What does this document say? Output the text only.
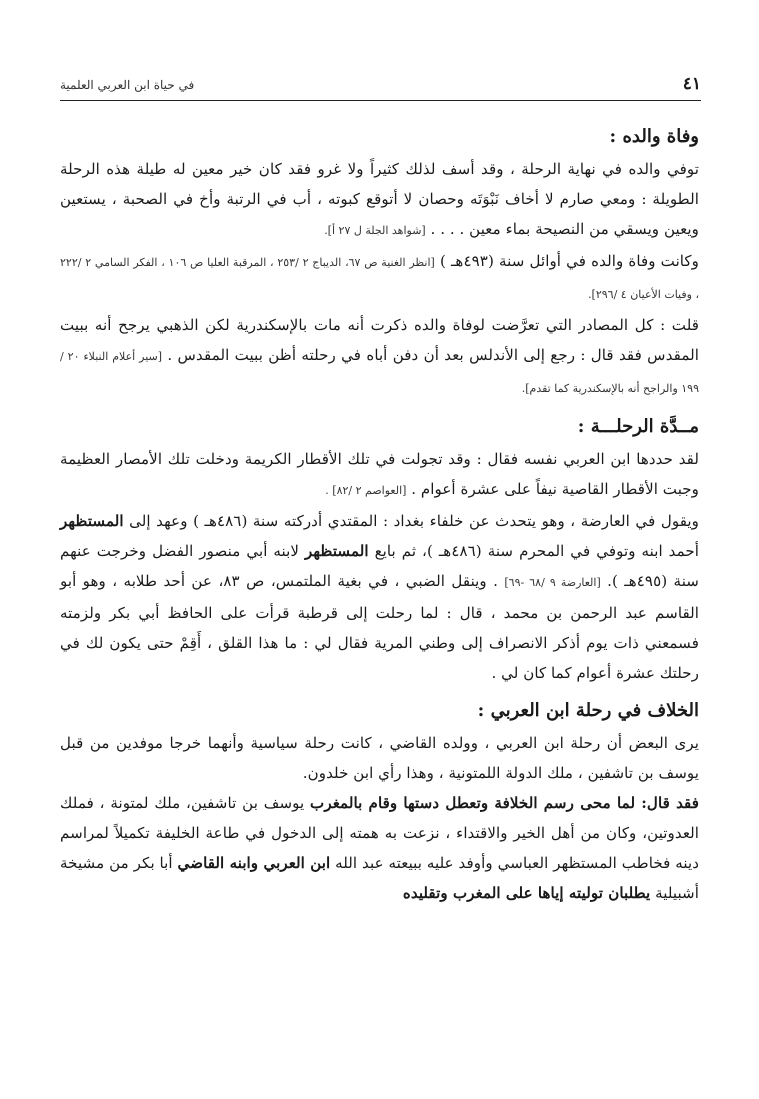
٤١
في حياة ابن العربي العلمية
وفاة والده :

توفي والده في نهاية الرحلة ، وقد أسف لذلك كثيراً ولا غرو فقد كان خير معين له طيلة هذه الرحلة الطويلة : ومعي صارم لا أخاف نَبْوَتَه وحصان لا أتوقع كبوته ، أب في الرتبة وأخ في الصحبة ، يستعين ويعين ويسقي من النصيحة بماء معين . . . . [شواهد الجلة ل ٢٧ أ].

وكانت وفاة والده في أوائل سنة (٤٩٣هـ ) [انظر الغنية ص ٦٧، الديباج ٢ /٢٥٣ ، المرقبة العليا ص ١٠٦ ، الفكر السامي ٢ /٢٢٢ ، وفيات الأعيان ٤ /٢٩٦].

قلت : كل المصادر التي تعرَّضت لوفاة والده ذكرت أنه مات بالإسكندرية لكن الذهبي يرجح أنه ببيت المقدس فقد قال : رجع إلى الأندلس بعد أن دفن أباه في رحلته أظن ببيت المقدس . [سير أعلام النبلاء ٢٠ /١٩٩ والراجح أنه بالإسكندرية كما تقدم].

مــدَّة الرحلـــة :

لقد حددها ابن العربي نفسه فقال : وقد تجولت في تلك الأقطار الكريمة ودخلت تلك الأمصار العظيمة وجبت الأقطار القاصية نيفاً على عشرة أعوام . [العواصم ٢ /٨٢] .

ويقول في العارضة ، وهو يتحدث عن خلفاء بغداد : المقتدي أدركته سنة (٤٨٦هـ ) وعهد إلى المستظهر أحمد ابنه وتوفي في المحرم سنة (٤٨٦هـ )، ثم بايع المستظهر لابنه أبي منصور الفضل وخرجت عنهم سنة (٤٩٥هـ ). [العارضة ٩ /٦٨ -٦٩] . وينقل الضبي ، في بغية الملتمس، ص ٨٣، عن أحد طلابه ، وهو أبو القاسم عبد الرحمن بن محمد ، قال : لما رحلت إلى قرطبة قرأت على الحافظ أبي بكر ولزمته فسمعني ذات يوم أذكر الانصراف إلى وطني المرية فقال لي : ما هذا القلق ، أَقِمْ حتى يكون لك في رحلتك عشرة أعوام كما كان لي .

الخلاف في رحلة ابن العربي :

يرى البعض أن رحلة ابن العربي ، وولده القاضي ، كانت رحلة سياسية وأنهما خرجا موفدين من قبل يوسف بن تاشفين ، ملك الدولة اللمتونية ، وهذا رأي ابن خلدون.

فقد قال: لما محى رسم الخلافة وتعطل دستها وقام بالمغرب يوسف بن تاشفين، ملك لمتونة ، فملك العدوتين، وكان من أهل الخير والاقتداء ، نزعت به همته إلى الدخول في طاعة الخليفة تكميلاً لمراسم دينه فخاطب المستظهر العباسي وأوفد عليه ببيعته عبد الله ابن العربي وابنه القاضي أبا بكر من مشيخة أشبيلية يطلبان توليته إياها على المغرب وتقليده
